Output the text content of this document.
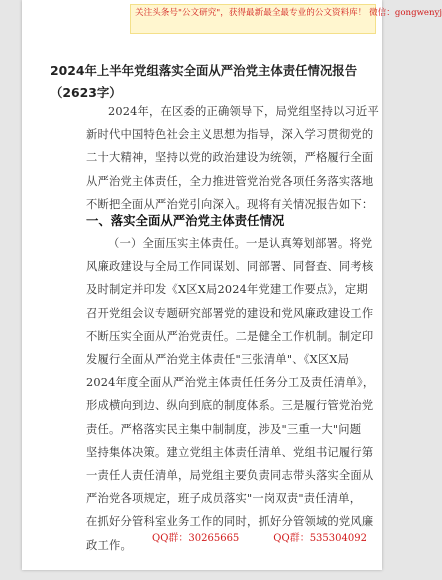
关注头条号"公文研究"，获得最新最全最专业的公文资料库！ 微信：gongwenyj
2024年上半年党组落实全面从严治党主体责任情况报告
（2623字）
2024年，在区委的正确领导下，局党组坚持以习近平
新时代中国特色社会主义思想为指导，深入学习贯彻党的
二十大精神，坚持以党的政治建设为统领，严格履行全面
从严治党主体责任，全力推进管党治党各项任务落实落地
不断把全面从严治党引向深入。现将有关情况报告如下：
一、落实全面从严治党主体责任情况
（一）全面压实主体责任。一是认真筹划部署。将党
风廉政建设与全局工作同谋划、同部署、同督查、同考核
及时制定并印发《X区X局2024年党建工作要点》，定期
召开党组会议专题研究部署党的建设和党风廉政建设工作
不断压实全面从严治党责任。二是健全工作机制。制定印
发履行全面从严治党主体责任"三张清单"、《X区X局
2024年度全面从严治党主体责任任务分工及责任清单》，
形成横向到边、纵向到底的制度体系。三是履行管党治党
责任。严格落实民主集中制制度，涉及"三重一大"问题
坚持集体决策。建立党组主体责任清单、党组书记履行第
一责任人责任清单，局党组主要负责同志带头落实全面从
严治党各项规定，班子成员落实"一岗双责"责任清单，
在抓好分管科室业务工作的同时，抓好分管领域的党风廉
政工作。
QQ群：30265665	QQ群：535304092
